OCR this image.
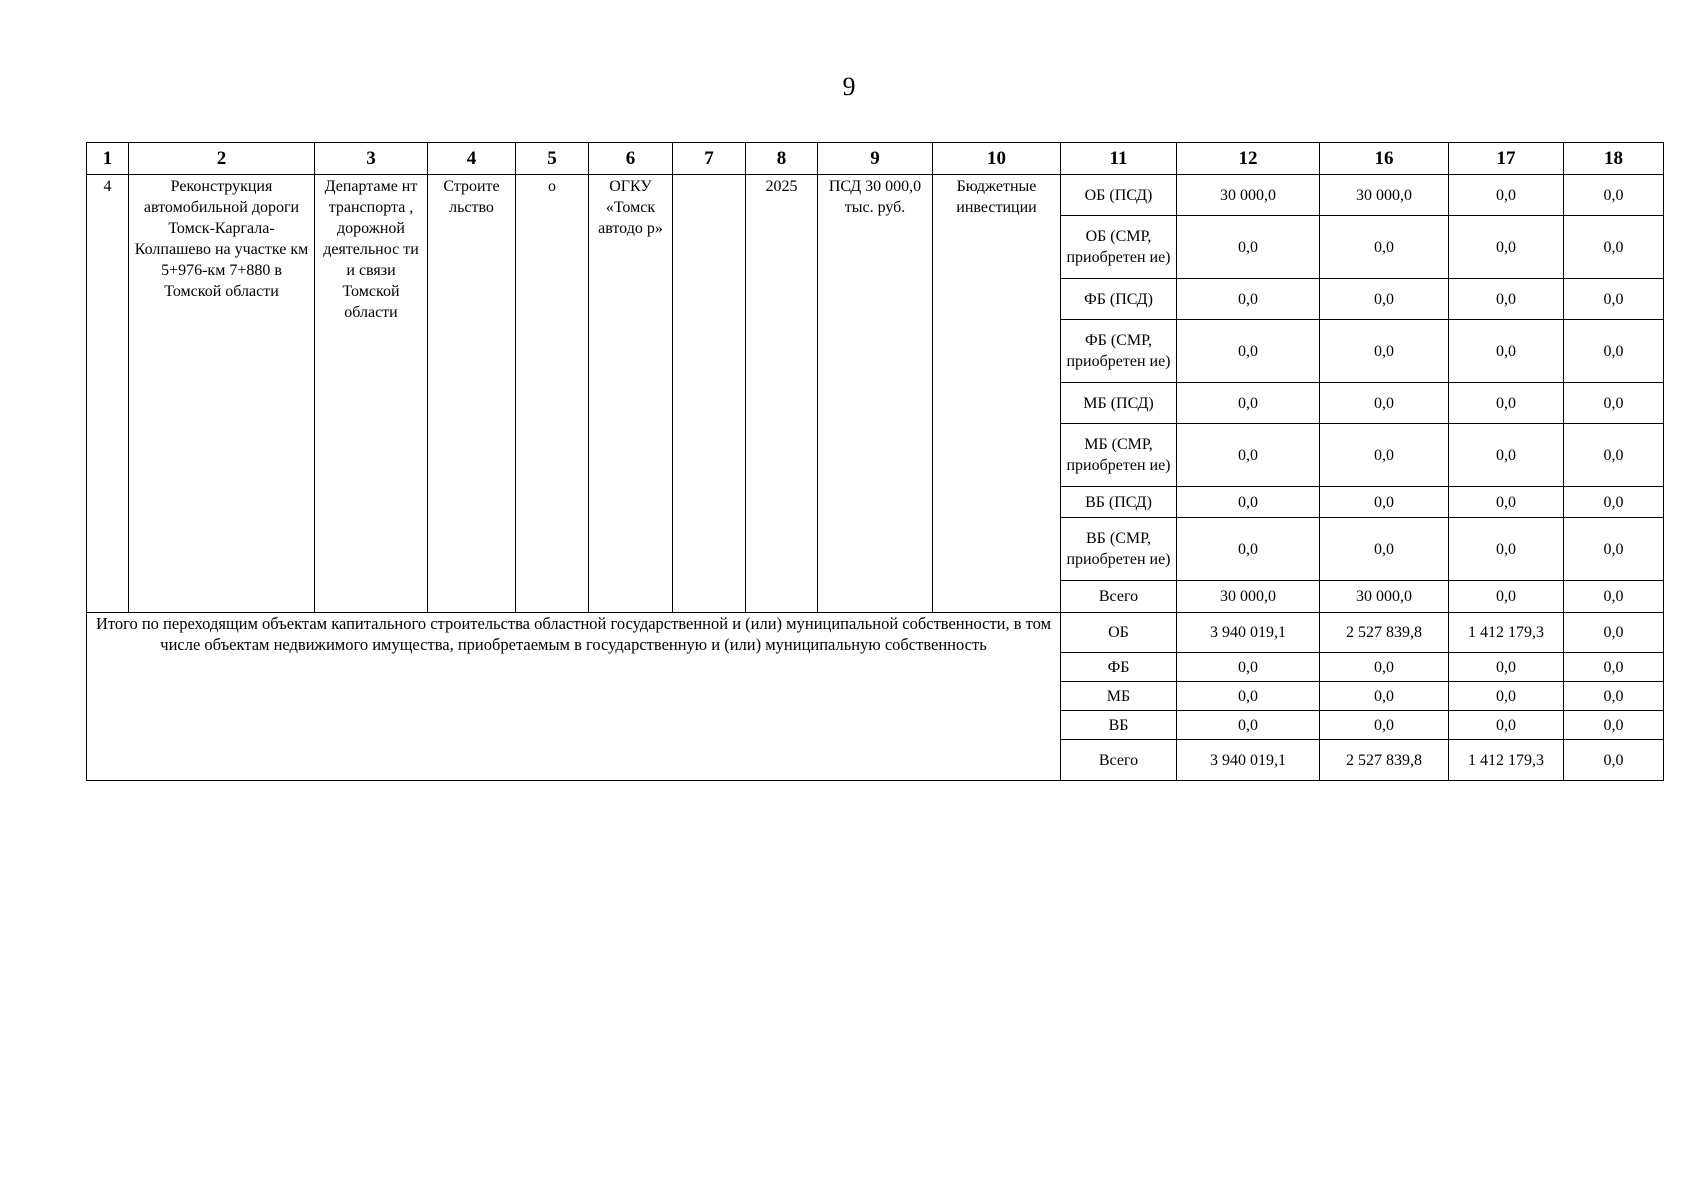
9
1	2	3	4	5	6	7	8	9	10	11	12	16	17	18
4	Реконструкция автомобильной дороги Томск-Каргала-Колпашево на участке км 5+976-км 7+880 в Томской области	Департаме нт транспорта , дорожной деятельнос ти и связи Томской области	Строите льство	о	ОГКУ «Томск автодо р»		2025	ПСД 30 000,0 тыс. руб.	Бюджетные инвестиции	ОБ (ПСД)	30 000,0	30 000,0	0,0	0,0
										ОБ (СМР, приобретен ие)	0,0	0,0	0,0	0,0
										ФБ (ПСД)	0,0	0,0	0,0	0,0
										ФБ (СМР, приобретен ие)	0,0	0,0	0,0	0,0
										МБ (ПСД)	0,0	0,0	0,0	0,0
										МБ (СМР, приобретен ие)	0,0	0,0	0,0	0,0
										ВБ (ПСД)	0,0	0,0	0,0	0,0
										ВБ (СМР, приобретен ие)	0,0	0,0	0,0	0,0
										Всего	30 000,0	30 000,0	0,0	0,0
Итого по переходящим объектам капитального строительства областной государственной и (или) муниципальной собственности, в том числе объектам недвижимого имущества, приобретаемым в государственную и (или) муниципальную собственность										ОБ	3 940 019,1	2 527 839,8	1 412 179,3	0,0
										ФБ	0,0	0,0	0,0	0,0
										МБ	0,0	0,0	0,0	0,0
										ВБ	0,0	0,0	0,0	0,0
										Всего	3 940 019,1	2 527 839,8	1 412 179,3	0,0
